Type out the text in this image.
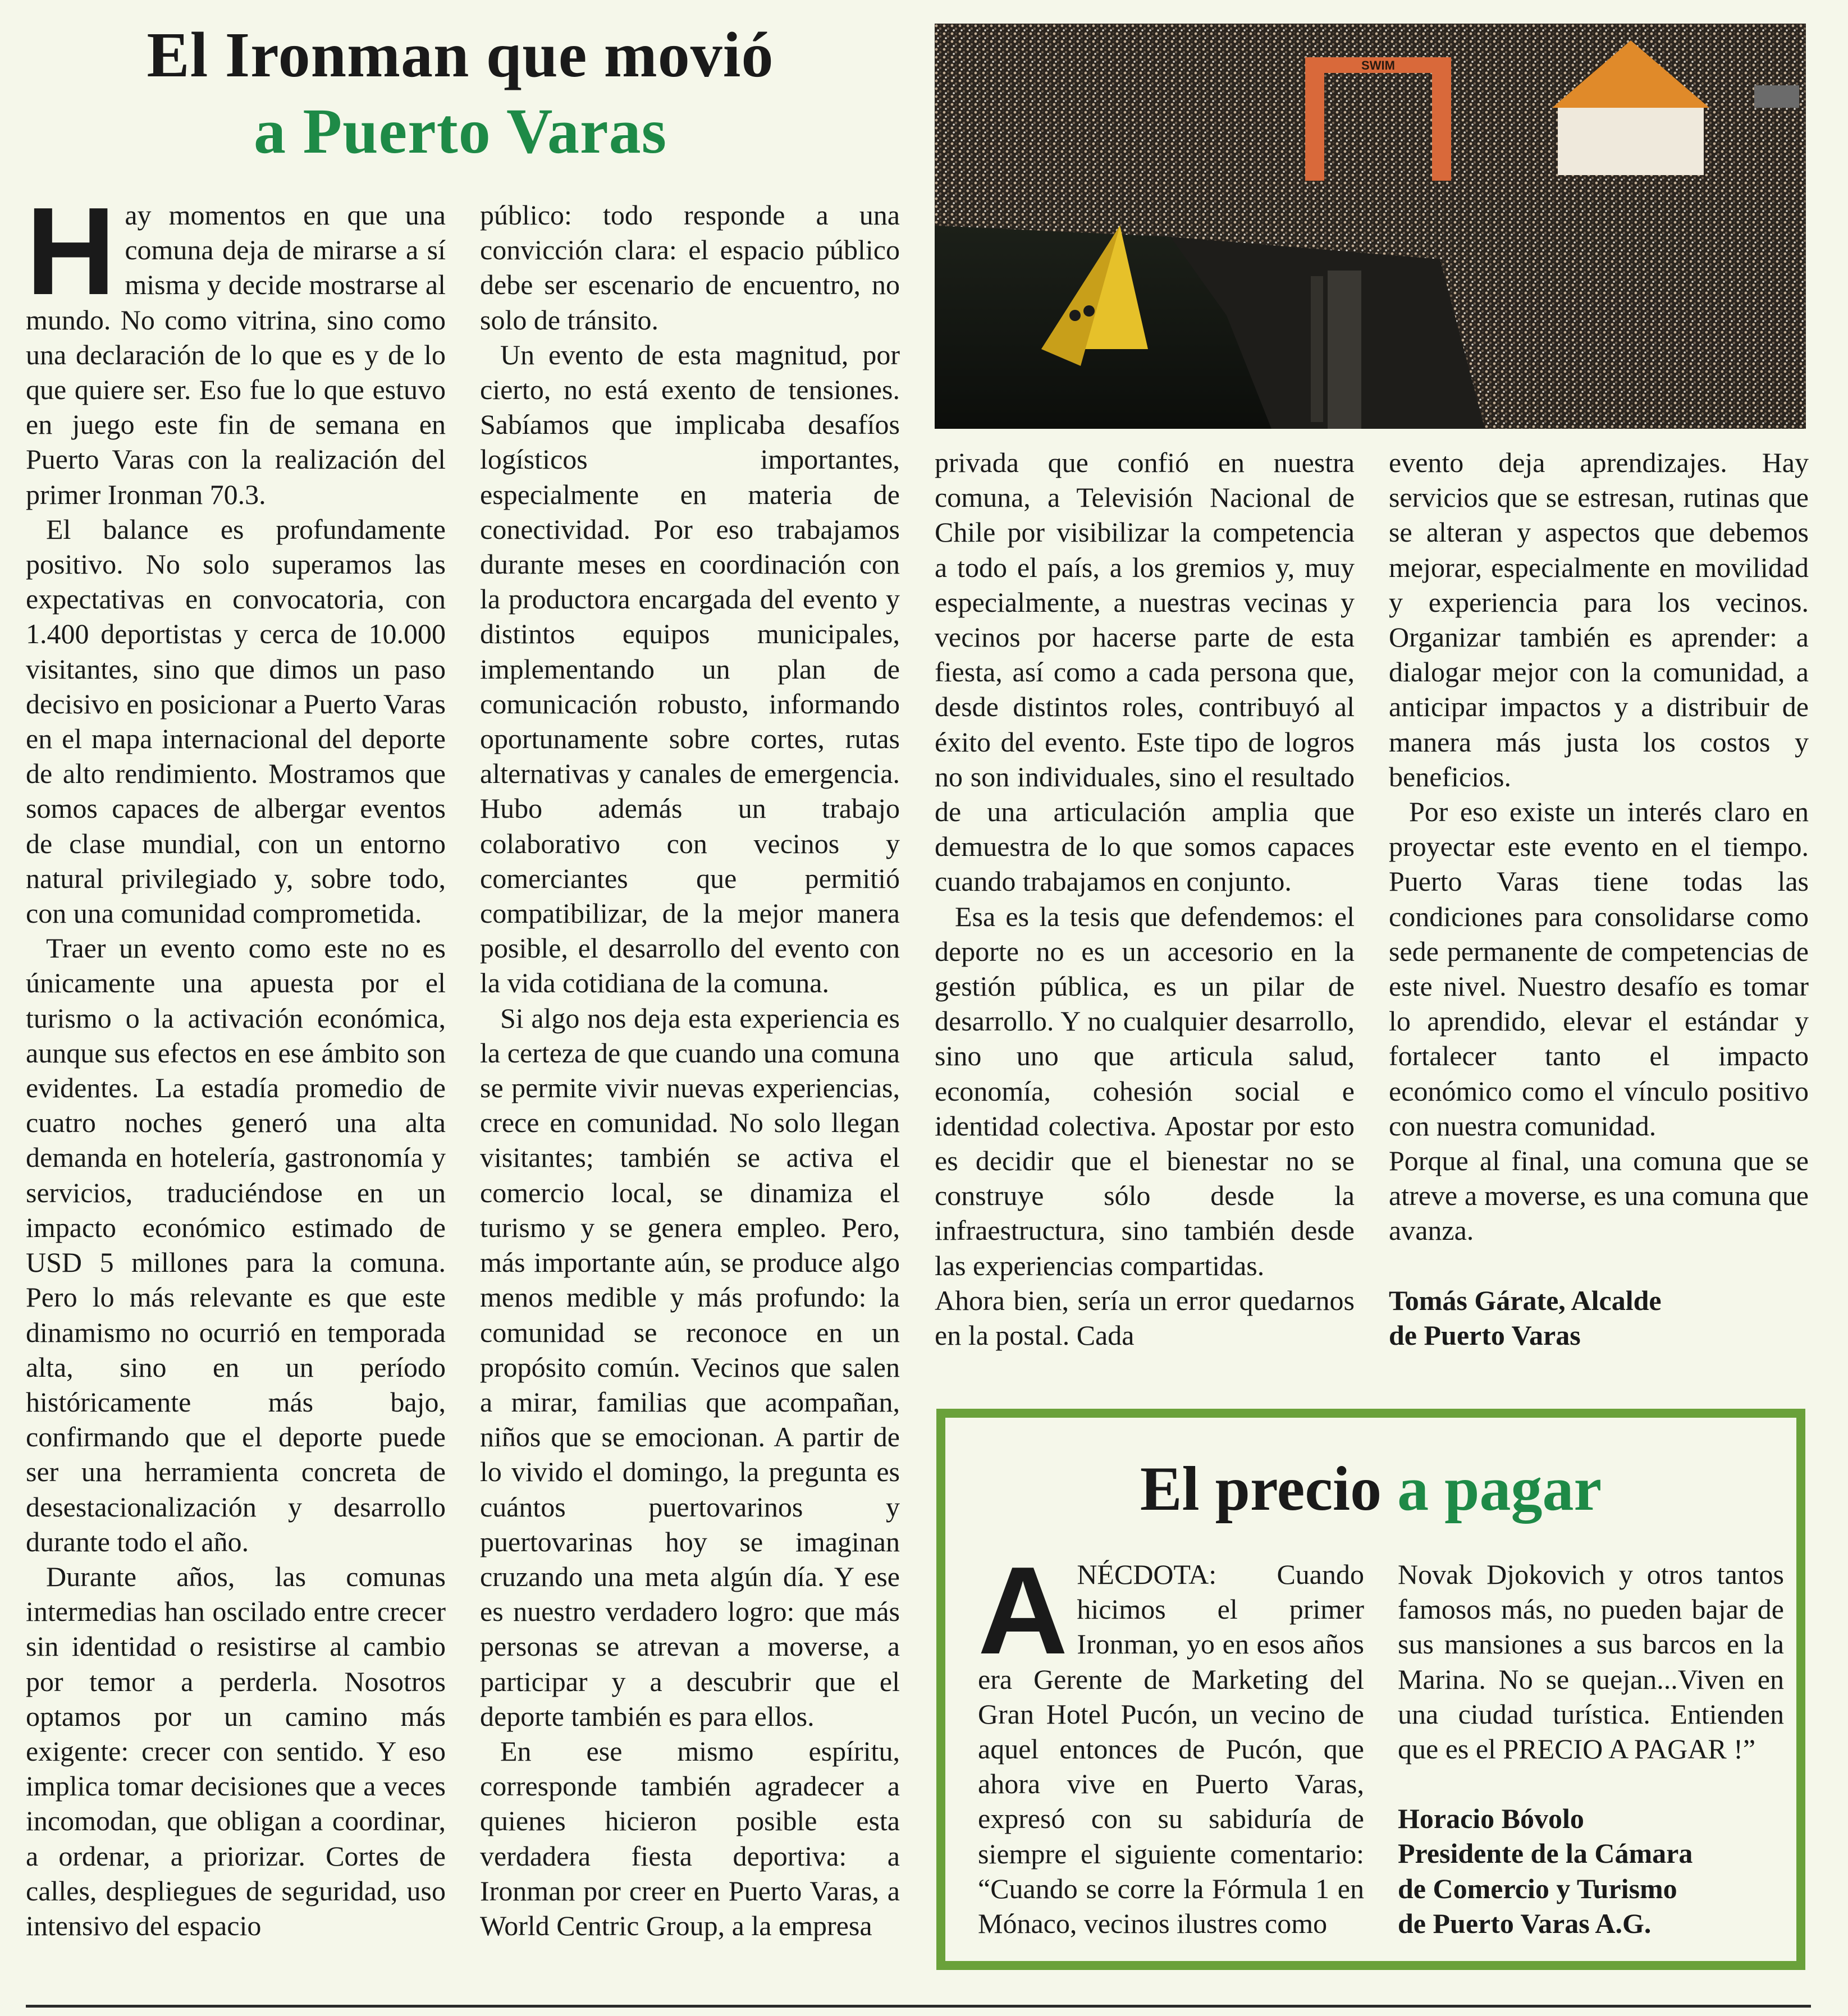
El Ironman que movió
a Puerto Varas

Hay momentos en que una comuna deja de mirarse a sí misma y decide mostrarse al mundo. No como vitrina, sino como una declaración de lo que es y de lo que quiere ser. Eso fue lo que estuvo en juego este fin de semana en Puerto Varas con la realización del primer Ironman 70.3.

El balance es profundamente positivo. No solo superamos las expectativas en convocatoria, con 1.400 deportistas y cerca de 10.000 visitantes, sino que dimos un paso decisivo en posicionar a Puerto Varas en el mapa internacional del deporte de alto rendimiento. Mostramos que somos capaces de albergar eventos de clase mundial, con un entorno natural privilegiado y, sobre todo, con una comunidad comprometida.

Traer un evento como este no es únicamente una apuesta por el turismo o la activación económica, aunque sus efectos en ese ámbito son evidentes. La estadía promedio de cuatro noches generó una alta demanda en hotelería, gastronomía y servicios, traduciéndose en un impacto económico estimado de USD 5 millones para la comuna. Pero lo más relevante es que este dinamismo no ocurrió en temporada alta, sino en un período históricamente más bajo, confirmando que el deporte puede ser una herramienta concreta de desestacionalización y desarrollo durante todo el año.

Durante años, las comunas intermedias han oscilado entre crecer sin identidad o resistirse al cambio por temor a perderla. Nosotros optamos por un camino más exigente: crecer con sentido. Y eso implica tomar decisiones que a veces incomodan, que obligan a coordinar, a ordenar, a priorizar. Cortes de calles, despliegues de seguridad, uso intensivo del espacio

público: todo responde a una convicción clara: el espacio público debe ser escenario de encuentro, no solo de tránsito.

Un evento de esta magnitud, por cierto, no está exento de tensiones. Sabíamos que implicaba desafíos logísticos importantes, especialmente en materia de conectividad. Por eso trabajamos durante meses en coordinación con la productora encargada del evento y distintos equipos municipales, implementando un plan de comunicación robusto, informando oportunamente sobre cortes, rutas alternativas y canales de emergencia. Hubo además un trabajo colaborativo con vecinos y comerciantes que permitió compatibilizar, de la mejor manera posible, el desarrollo del evento con la vida cotidiana de la comuna.

Si algo nos deja esta experiencia es la certeza de que cuando una comuna se permite vivir nuevas experiencias, crece en comunidad. No solo llegan visitantes; también se activa el comercio local, se dinamiza el turismo y se genera empleo. Pero, más importante aún, se produce algo menos medible y más profundo: la comunidad se reconoce en un propósito común. Vecinos que salen a mirar, familias que acompañan, niños que se emocionan. A partir de lo vivido el domingo, la pregunta es cuántos puertovarinos y puertovarinas hoy se imaginan cruzando una meta algún día. Y ese es nuestro verdadero logro: que más personas se atrevan a moverse, a participar y a descubrir que el deporte también es para ellos.

En ese mismo espíritu, corresponde también agradecer a quienes hicieron posible esta verdadera fiesta deportiva: a Ironman por creer en Puerto Varas, a World Centric Group, a la empresa

SWIM

privada que confió en nuestra comuna, a Televisión Nacional de Chile por visibilizar la competencia a todo el país, a los gremios y, muy especialmente, a nuestras vecinas y vecinos por hacerse parte de esta fiesta, así como a cada persona que, desde distintos roles, contribuyó al éxito del evento. Este tipo de logros no son individuales, sino el resultado de una articulación amplia que demuestra de lo que somos capaces cuando trabajamos en conjunto.

Esa es la tesis que defendemos: el deporte no es un accesorio en la gestión pública, es un pilar de desarrollo. Y no cualquier desarrollo, sino uno que articula salud, economía, cohesión social e identidad colectiva. Apostar por esto es decidir que el bienestar no se construye sólo desde la infraestructura, sino también desde las experiencias compartidas.

Ahora bien, sería un error quedarnos en la postal. Cada

evento deja aprendizajes. Hay servicios que se estresan, rutinas que se alteran y aspectos que debemos mejorar, especialmente en movilidad y experiencia para los vecinos. Organizar también es aprender: a dialogar mejor con la comunidad, a anticipar impactos y a distribuir de manera más justa los costos y beneficios.

Por eso existe un interés claro en proyectar este evento en el tiempo. Puerto Varas tiene todas las condiciones para consolidarse como sede permanente de competencias de este nivel. Nuestro desafío es tomar lo aprendido, elevar el estándar y fortalecer tanto el impacto económico como el vínculo positivo con nuestra comunidad.

Porque al final, una comuna que se atreve a moverse, es una comuna que avanza.

Tomás Gárate, Alcalde
de Puerto Varas
El precio a pagar

ANÉCDOTA: Cuando hicimos el primer Ironman, yo en esos años era Gerente de Marketing del Gran Hotel Pucón, un vecino de aquel entonces de Pucón, que ahora vive en Puerto Varas, expresó con su sabiduría de siempre el siguiente comentario: “Cuando se corre la Fórmula 1 en Mónaco, vecinos ilustres como

Novak Djokovich y otros tantos famosos más, no pueden bajar de sus mansiones a sus barcos en la Marina. No se quejan...Viven en una ciudad turística. Entienden que es el PRECIO A PAGAR !”

Horacio Bóvolo
Presidente de la Cámara
de Comercio y Turismo
de Puerto Varas A.G.
